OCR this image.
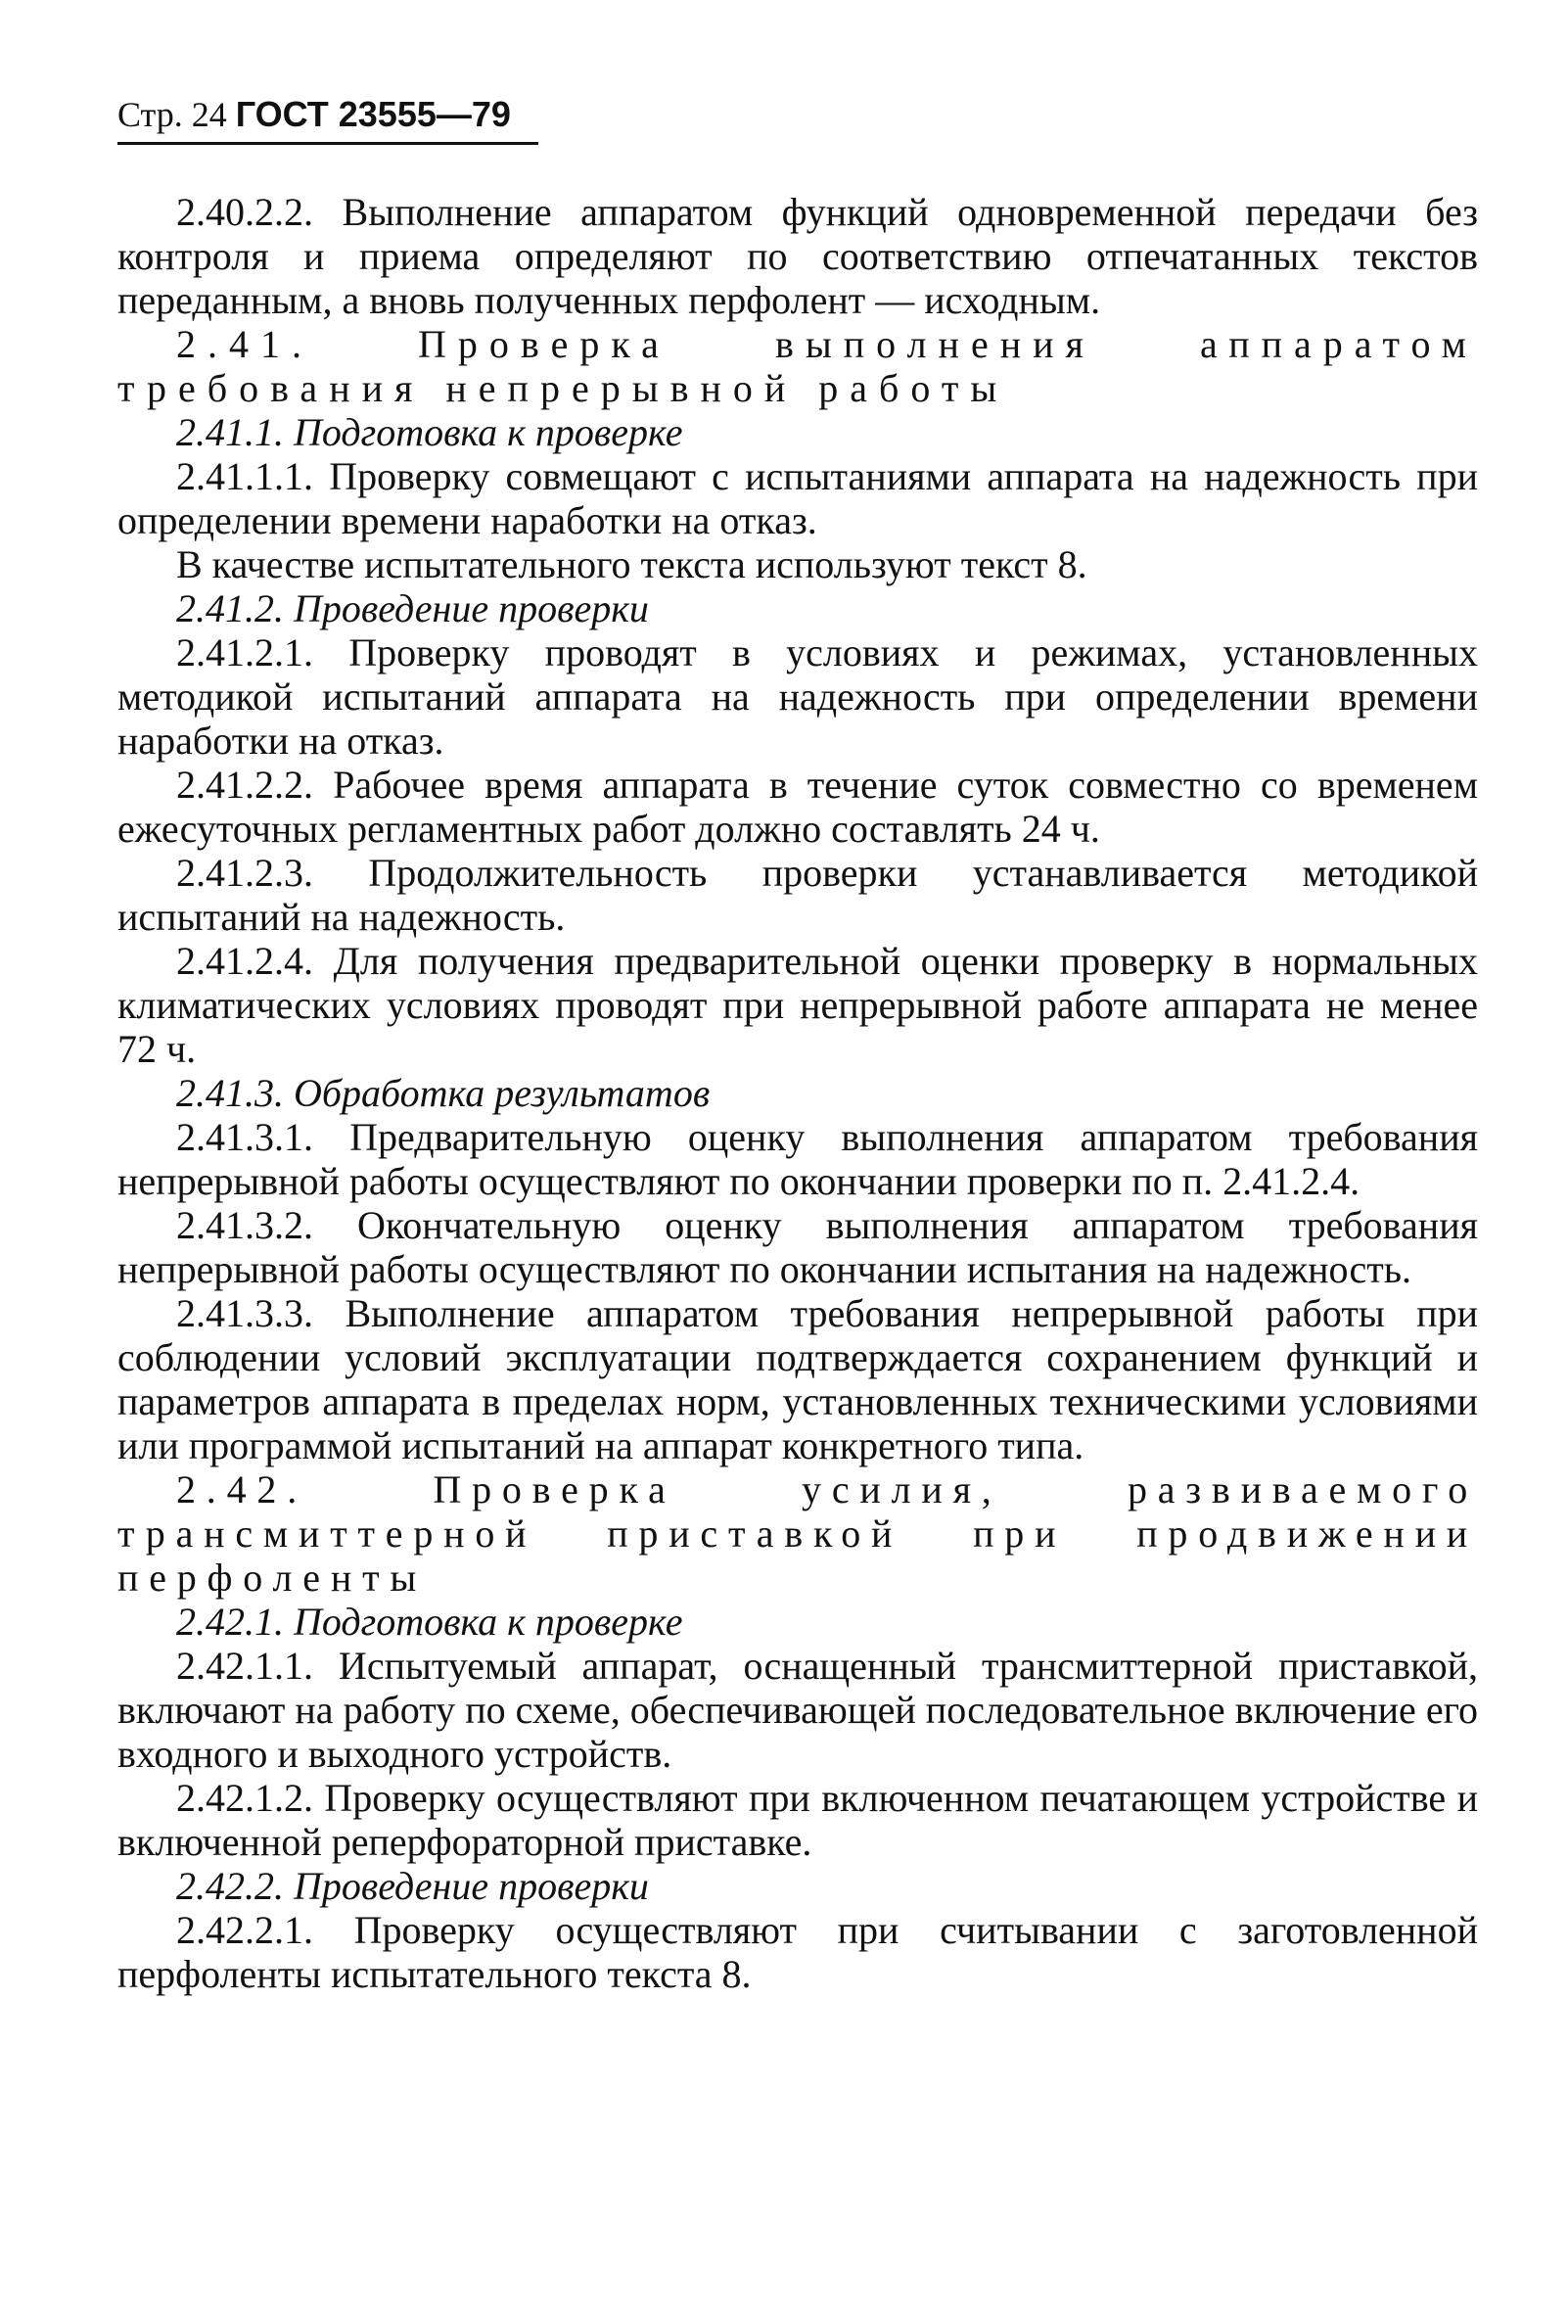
Стр. 24 ГОСТ 23555—79

2.40.2.2. Выполнение аппаратом функций одновременной передачи без контроля и приема определяют по соответствию отпечатанных текстов переданным, а вновь полученных перфолент — исходным.

2.41. Проверка выполнения аппаратом требования непрерывной работы

2.41.1. Подготовка к проверке

2.41.1.1. Проверку совмещают с испытаниями аппарата на надежность при определении времени наработки на отказ.

В качестве испытательного текста используют текст 8.

2.41.2. Проведение проверки

2.41.2.1. Проверку проводят в условиях и режимах, установленных методикой испытаний аппарата на надежность при определении времени наработки на отказ.

2.41.2.2. Рабочее время аппарата в течение суток совместно со временем ежесуточных регламентных работ должно составлять 24 ч.

2.41.2.3. Продолжительность проверки устанавливается методикой испытаний на надежность.

2.41.2.4. Для получения предварительной оценки проверку в нормальных климатических условиях проводят при непрерывной работе аппарата не менее 72 ч.

2.41.3. Обработка результатов

2.41.3.1. Предварительную оценку выполнения аппаратом требования непрерывной работы осуществляют по окончании проверки по п. 2.41.2.4.

2.41.3.2. Окончательную оценку выполнения аппаратом требования непрерывной работы осуществляют по окончании испытания на надежность.

2.41.3.3. Выполнение аппаратом требования непрерывной работы при соблюдении условий эксплуатации подтверждается сохранением функций и параметров аппарата в пределах норм, установленных техническими условиями или программой испытаний на аппарат конкретного типа.

2.42. Проверка усилия, развиваемого трансмиттерной приставкой при продвижении перфоленты

2.42.1. Подготовка к проверке

2.42.1.1. Испытуемый аппарат, оснащенный трансмиттерной приставкой, включают на работу по схеме, обеспечивающей последовательное включение его входного и выходного устройств.

2.42.1.2. Проверку осуществляют при включенном печатающем устройстве и включенной реперфораторной приставке.

2.42.2. Проведение проверки

2.42.2.1. Проверку осуществляют при считывании с заготовленной перфоленты испытательного текста 8.
